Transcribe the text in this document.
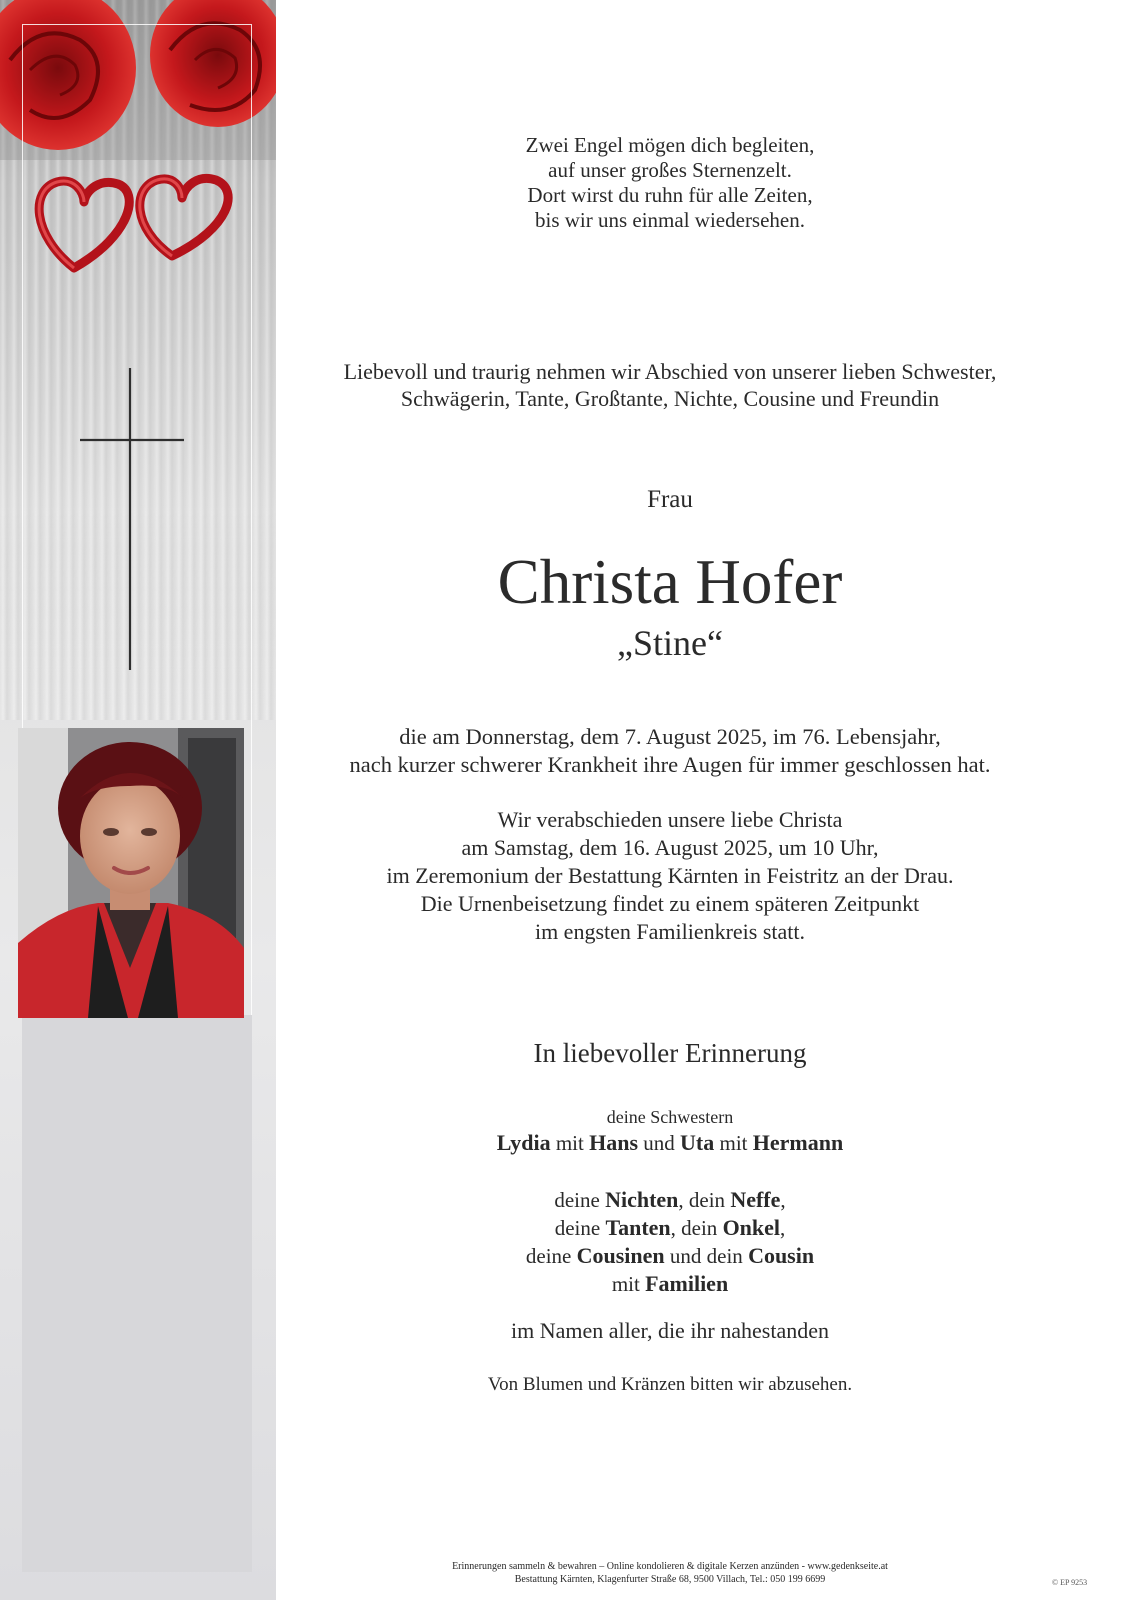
Zwei Engel mögen dich begleiten,
auf unser großes Sternenzelt.
Dort wirst du ruhn für alle Zeiten,
bis wir uns einmal wiedersehen.
Liebevoll und traurig nehmen wir Abschied von unserer lieben Schwester,
Schwägerin, Tante, Großtante, Nichte, Cousine und Freundin
Frau
Christa Hofer
„Stine“
die am Donnerstag, dem 7. August 2025, im 76. Lebensjahr,
nach kurzer schwerer Krankheit ihre Augen für immer geschlossen hat.
Wir verabschieden unsere liebe Christa
am Samstag, dem 16. August 2025, um 10 Uhr,
im Zeremonium der Bestattung Kärnten in Feistritz an der Drau.
Die Urnenbeisetzung findet zu einem späteren Zeitpunkt
im engsten Familienkreis statt.
In liebevoller Erinnerung
deine Schwestern
Lydia mit Hans und Uta mit Hermann
deine Nichten, dein Neffe,
deine Tanten, dein Onkel,
deine Cousinen und dein Cousin
mit Familien
im Namen aller, die ihr nahestanden
Von Blumen und Kränzen bitten wir abzusehen.
Erinnerungen sammeln & bewahren – Online kondolieren & digitale Kerzen anzünden - www.gedenkseite.at
Bestattung Kärnten, Klagenfurter Straße 68, 9500 Villach, Tel.: 050 199 6699	© EP 9253
